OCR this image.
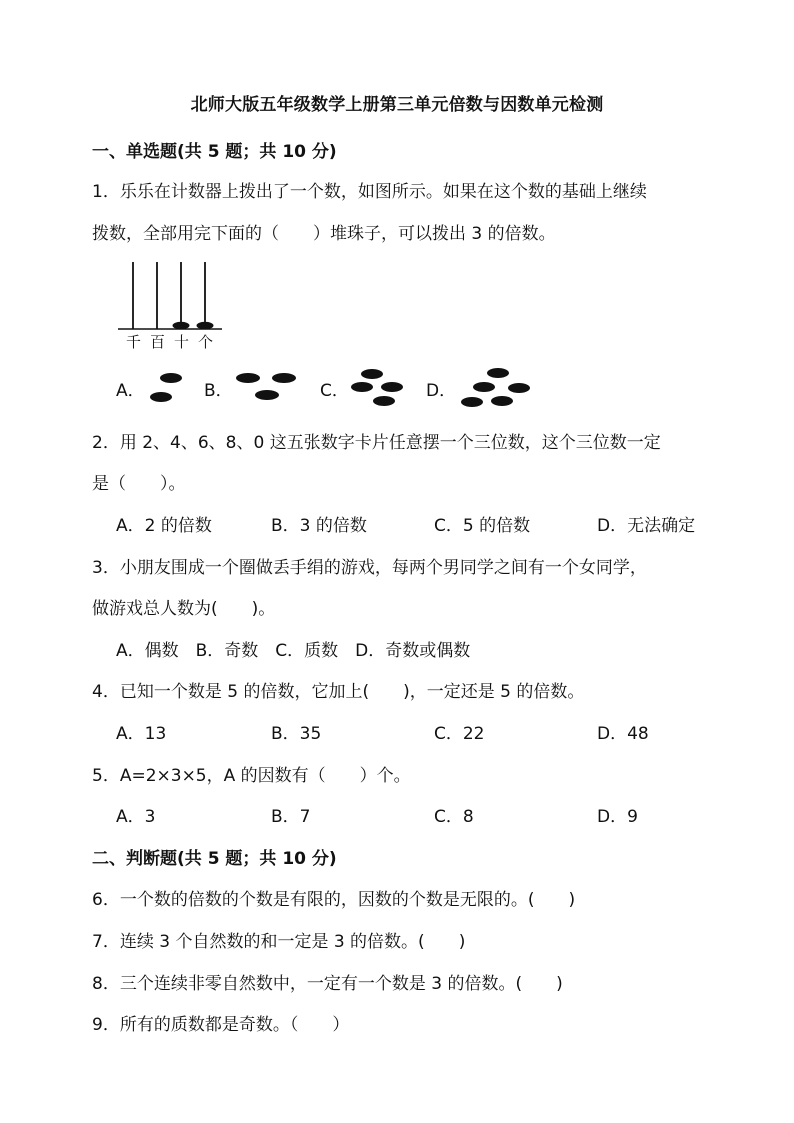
北师大版五年级数学上册第三单元倍数与因数单元检测
一、单选题(共 5 题；共 10 分)
1．乐乐在计数器上拨出了一个数，如图所示。如果在这个数的基础上继续
拨数，全部用完下面的（　　）堆珠子，可以拨出 3 的倍数。
千 百 十 个
A．	B．	C．	D．
2．用 2、4、6、8、0 这五张数字卡片任意摆一个三位数，这个三位数一定
是（　　）。
A．2 的倍数	B．3 的倍数	C．5 的倍数	D．无法确定
3．小朋友围成一个圈做丢手绢的游戏，每两个男同学之间有一个女同学，
做游戏总人数为(　　)。
A．偶数　B．奇数　C．质数　D．奇数或偶数
4．已知一个数是 5 的倍数，它加上(　　)，一定还是 5 的倍数。
A．13	B．35	C．22	D．48
5．A=2×3×5，A 的因数有（　　）个。
A．3	B．7	C．8	D．9
二、判断题(共 5 题；共 10 分)
6．一个数的倍数的个数是有限的，因数的个数是无限的。(　　)
7．连续 3 个自然数的和一定是 3 的倍数。(　　)
8．三个连续非零自然数中，一定有一个数是 3 的倍数。(　　)
9．所有的质数都是奇数。（　　）
